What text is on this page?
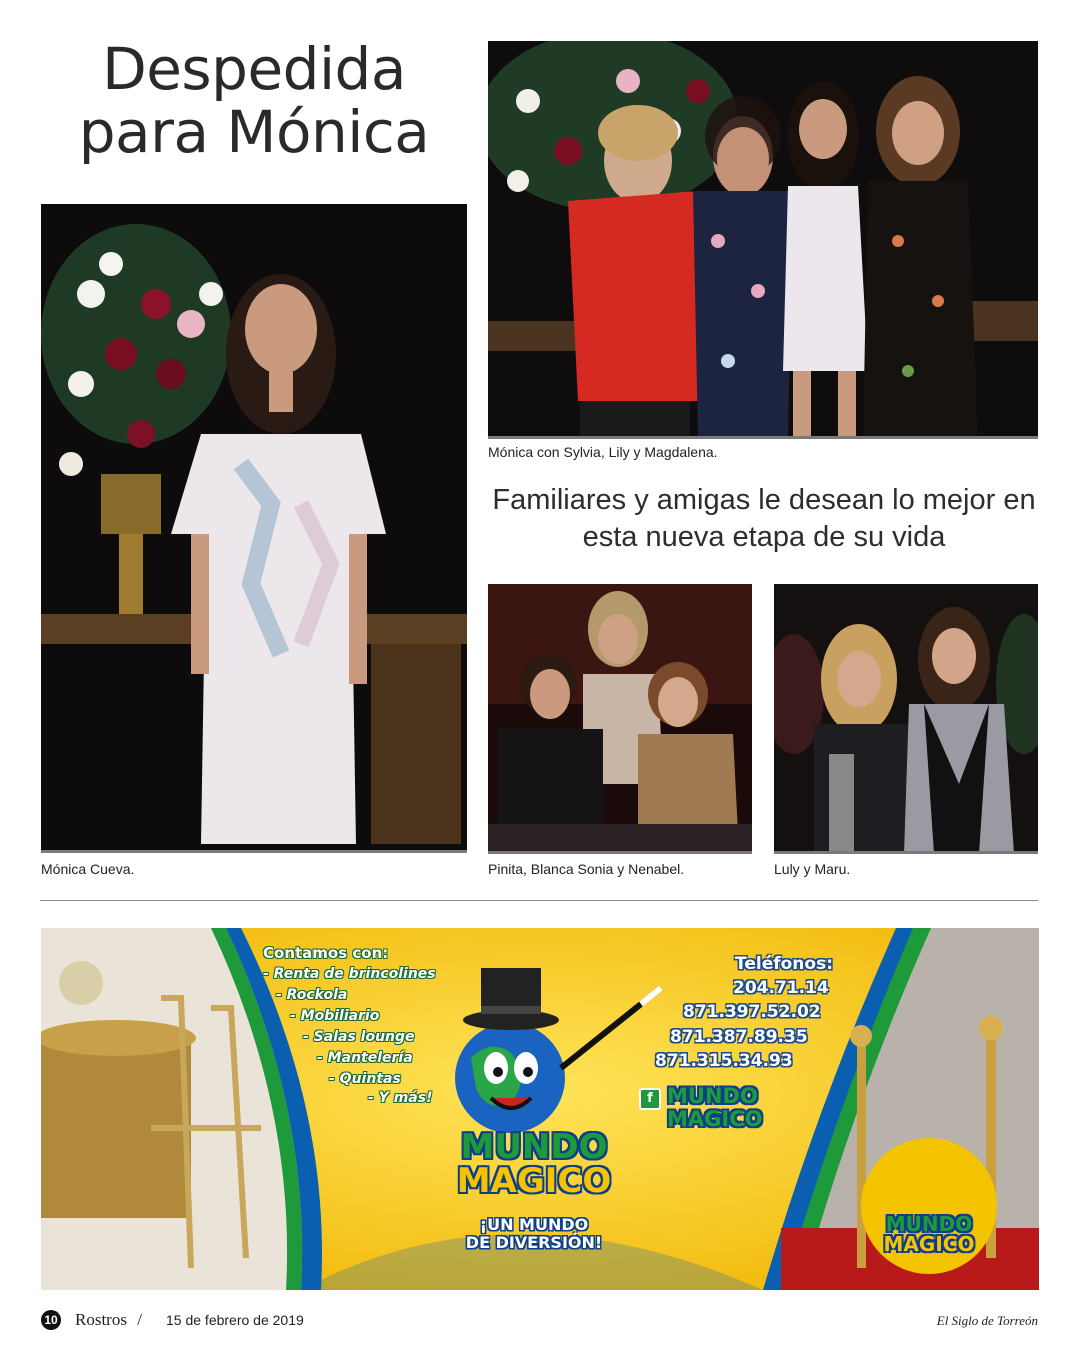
Despedida
para Mónica
Mónica Cueva.
Mónica con Sylvia, Lily y Magdalena.
Familiares y amigas le desean lo mejor en esta nueva etapa de su vida
Pinita, Blanca Sonia y Nenabel.	Luly y Maru.
Contamos con:
- Renta de brincolines
- Rockola
- Mobiliario
- Salas lounge
- Mantelería
- Quintas
- Y más!
Teléfonos:
204.71.14
871.397.52.02
871.387.89.35
871.315.34.93
f MUNDO
MAGICO
MUNDO
MAGICO
¡UN MUNDO
DE DIVERSIÓN!
MUNDO
MAGICO
10 Rostros / 15 de febrero de 2019	El Siglo de Torreón
